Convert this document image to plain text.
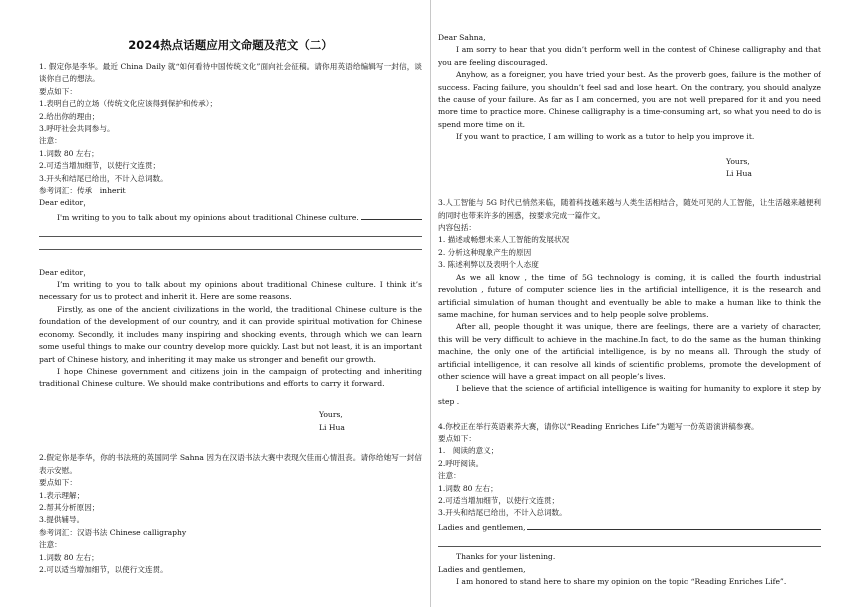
2024热点话题应用文命题及范文（二）
1. 假定你是李华。最近 China Daily 就“如何看待中国传统文化”面向社会征稿。请你用英语给编辑写一封信，谈谈你自己的想法。
要点如下：
1.表明自己的立场（传统文化应该得到保护和传承）；
2.给出你的理由；
3.呼吁社会共同参与。
注意：
1.词数 80 左右；
2.可适当增加细节，以使行文连贯；
3.开头和结尾已给出，不计入总词数。
参考词汇：传承　inherit
Dear editor，
I'm writing to you to talk about my opinions about traditional Chinese culture.
Dear editor，
I’m writing to you to talk about my opinions about traditional Chinese culture. I think it’s necessary for us to protect and inherit it. Here are some reasons.
Firstly, as one of the ancient civilizations in the world, the traditional Chinese culture is the foundation of the development of our country, and it can provide spiritual motivation for Chinese economy. Secondly, it includes many inspiring and shocking events, through which we can learn some useful things to make our country develop more quickly. Last but not least, it is an important part of Chinese history, and inheriting it may make us stronger and benefit our growth.
I hope Chinese government and citizens join in the campaign of protecting and inheriting traditional Chinese culture. We should make contributions and efforts to carry it forward.
Yours,
Li Hua
2.假定你是李华，你的书法班的英国同学 Sahna 因为在汉语书法大赛中表现欠佳而心情沮丧。请你给她写一封信表示安慰。
要点如下：
1.表示理解；
2.帮其分析原因；
3.提供辅导。
参考词汇：汉语书法 Chinese calligraphy
注意：
1.词数 80 左右；
2.可以适当增加细节，以使行文连贯。
Dear Sahna,
I am sorry to hear that you didn’t perform well in the contest of Chinese calligraphy and that you are feeling discouraged.
Anyhow, as a foreigner, you have tried your best. As the proverb goes, failure is the mother of success. Facing failure, you shouldn’t feel sad and lose heart. On the contrary, you should analyze the cause of your failure. As far as I am concerned, you are not well prepared for it and you need more time to practice more. Chinese calligraphy is a time-consuming art, so what you need to do is spend more time on it.
If you want to practice, I am willing to work as a tutor to help you improve it.
Yours,
Li Hua
3.人工智能与 5G 时代已悄然来临，随着科技越来越与人类生活相结合，随处可见的人工智能，让生活越来越便利的同时也带来许多的困惑，按要求完成一篇作文。
内容包括：
1. 描述或畅想未来人工智能的发展状况
2. 分析这种现象产生的原因
3. 陈述利弊以及表明个人态度
As we all know , the time of 5G technology is coming, it is called the fourth industrial revolution , future of computer science lies in the artificial intelligence, it is the research and artificial simulation of human thought and eventually be able to make a human like to think the same machine, for human services and to help people solve problems.
After all, people thought it was unique, there are feelings, there are a variety of character, this will be very difficult to achieve in the machine.In fact, to do the same as the human thinking machine, the only one of the artificial intelligence, is by no means all. Through the study of artificial intelligence, it can resolve all kinds of scientific problems, promote the development of other science will have a great impact on all people’s lives.
I believe that the science of artificial intelligence is waiting for humanity to explore it step by step .
4.你校正在举行英语素养大赛，请你以“Reading Enriches Life”为题写一份英语演讲稿参赛。
要点如下：
1.　阅读的意义；
2.呼吁阅读。
注意：
1.词数 80 左右；
2.可适当增加细节，以使行文连贯；
3.开头和结尾已给出，不计入总词数。
Ladies and gentlemen,
Thanks for your listening.
Ladies and gentlemen,
I am honored to stand here to share my opinion on the topic “Reading Enriches Life”.
